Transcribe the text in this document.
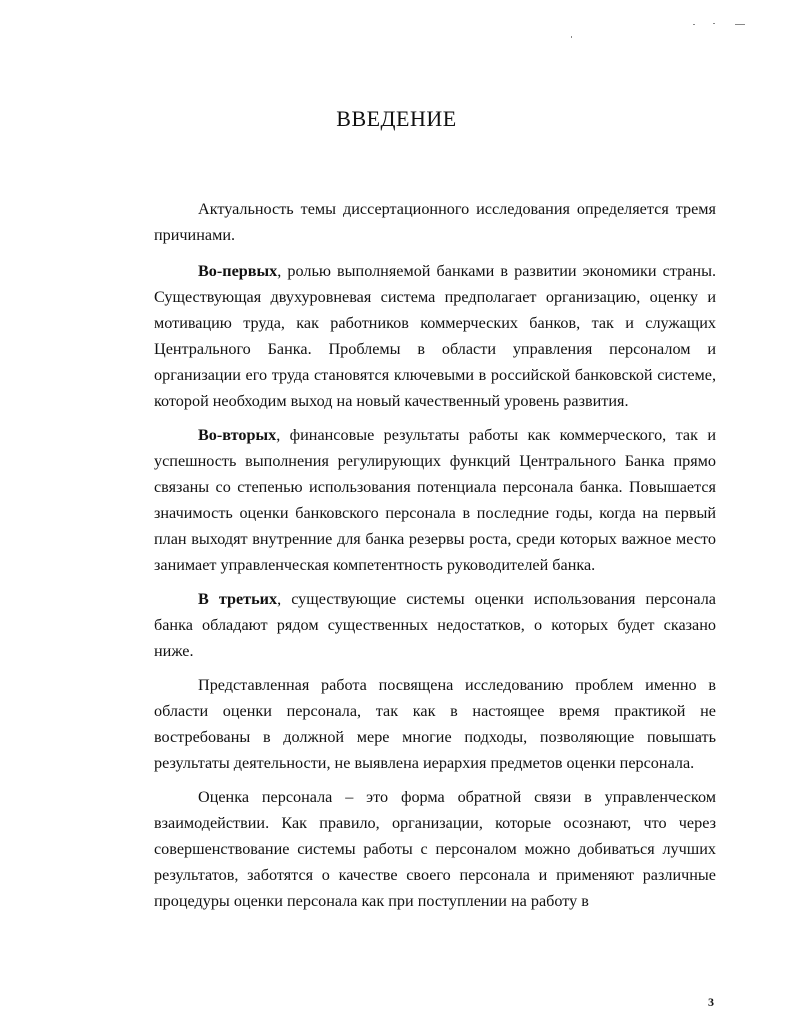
ВВЕДЕНИЕ

Актуальность темы диссертационного исследования определяется тремя причинами.

Во-первых, ролью выполняемой банками в развитии экономики страны. Существующая двухуровневая система предполагает организацию, оценку и мотивацию труда, как работников коммерческих банков, так и служащих Центрального Банка. Проблемы в области управления персоналом и организации его труда становятся ключевыми в российской банковской системе, которой необходим выход на новый качественный уровень развития.

Во-вторых, финансовые результаты работы как коммерческого, так и успешность выполнения регулирующих функций Центрального Банка прямо связаны со степенью использования потенциала персонала банка. Повышается значимость оценки банковского персонала в последние годы, когда на первый план выходят внутренние для банка резервы роста, среди которых важное место занимает управленческая компетентность руководителей банка.

В третьих, существующие системы оценки использования персонала банка обладают рядом существенных недостатков, о которых будет сказано ниже.

Представленная работа посвящена исследованию проблем именно в области оценки персонала, так как в настоящее время практикой не востребованы в должной мере многие подходы, позволяющие повышать результаты деятельности, не выявлена иерархия предметов оценки персонала.

Оценка персонала – это форма обратной связи в управленческом взаимодействии. Как правило, организации, которые осознают, что через совершенствование системы работы с персоналом можно добиваться лучших результатов, заботятся о качестве своего персонала и применяют различные процедуры оценки персонала как при поступлении на работу в

3
